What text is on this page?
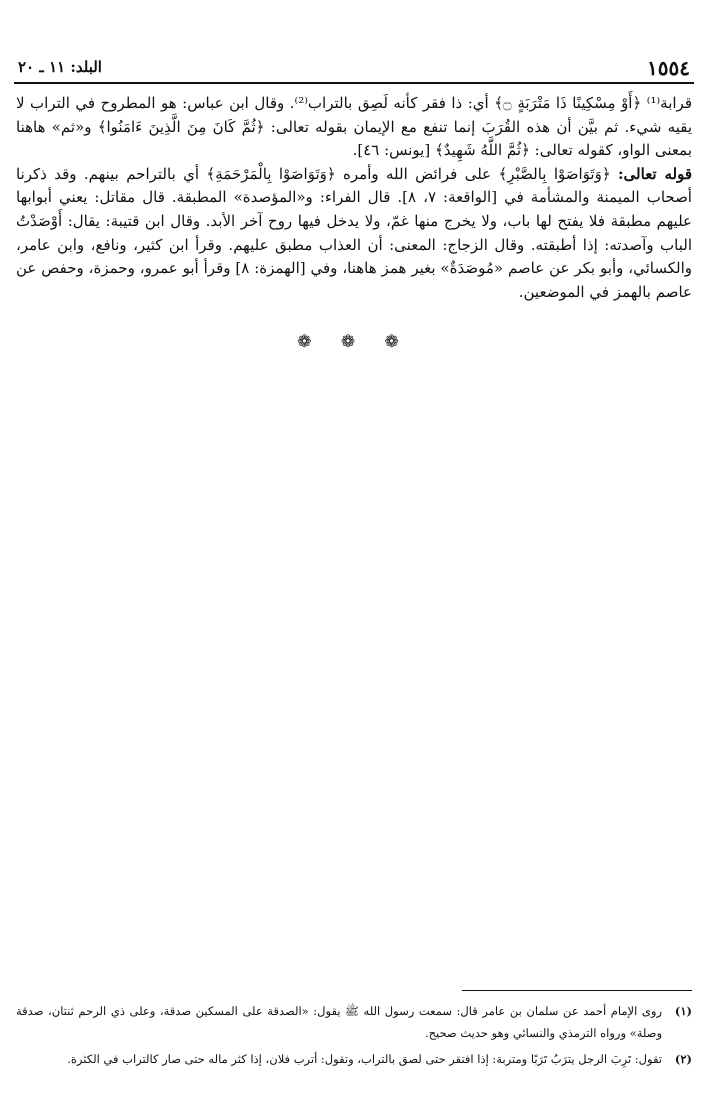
١٥٥٤
البلد: ١١ ـ ٢٠

قرابة⁽¹⁾ ﴿أَوْ مِسْكِينًا ذَا مَتْرَبَةٍ ۝﴾ أي: ذا فقر كأنه لَصِق بالتراب⁽²⁾. وقال ابن عباس: هو المطروح في التراب لا يقيه شيء. ثم بيَّن أن هذه القُرَبَ إنما تنفع مع الإيمان بقوله تعالى: ﴿ثُمَّ كَانَ مِنَ الَّذِينَ ءَامَنُوا﴾ و«ثم» هاهنا بمعنى الواو، كقوله تعالى: ﴿ثُمَّ اللَّهُ شَهِيدٌ﴾ [يونس: ٤٦].

قوله تعالى: ﴿وَتَوَاصَوْا بِالصَّبْرِ﴾ على فرائض الله وأمره ﴿وَتَوَاصَوْا بِالْمَرْحَمَةِ﴾ أي بالتراحم بينهم. وقد ذكرنا أصحاب الميمنة والمشأمة في [الواقعة: ٧، ٨]. قال الفراء: و«المؤصدة» المطبقة. قال مقاتل: يعني أبوابها عليهم مطبقة فلا يفتح لها باب، ولا يخرج منها غمّ، ولا يدخل فيها روح آخر الأبد. وقال ابن قتيبة: يقال: أَوْصَدْتُ الباب وآصدته: إذا أطبقته. وقال الزجاج: المعنى: أن العذاب مطبق عليهم. وقرأ ابن كثير، ونافع، وابن عامر، والكسائي، وأبو بكر عن عاصم «مُوصَدَةٌ» بغير همز هاهنا، وفي [الهمزة: ٨] وقرأ أبو عمرو، وحمزة، وحفص عن عاصم بالهمز في الموضعين.

❁ ❁ ❁
(١)
روى الإمام أحمد عن سلمان بن عامر قال: سمعت رسول الله ﷺ يقول: «الصدقة على المسكين صدقة، وعلى ذي الرحم ثنتان، صدقة وصلة» ورواه الترمذي والنسائي وهو حديث صحيح.
(٢)
تقول: تَرِبَ الرجل يترَبُ تَرَبًا ومتربة: إذا افتقر حتى لصق بالتراب، وتقول: أترب فلان، إذا كثر ماله حتى صار كالتراب في الكثرة.
